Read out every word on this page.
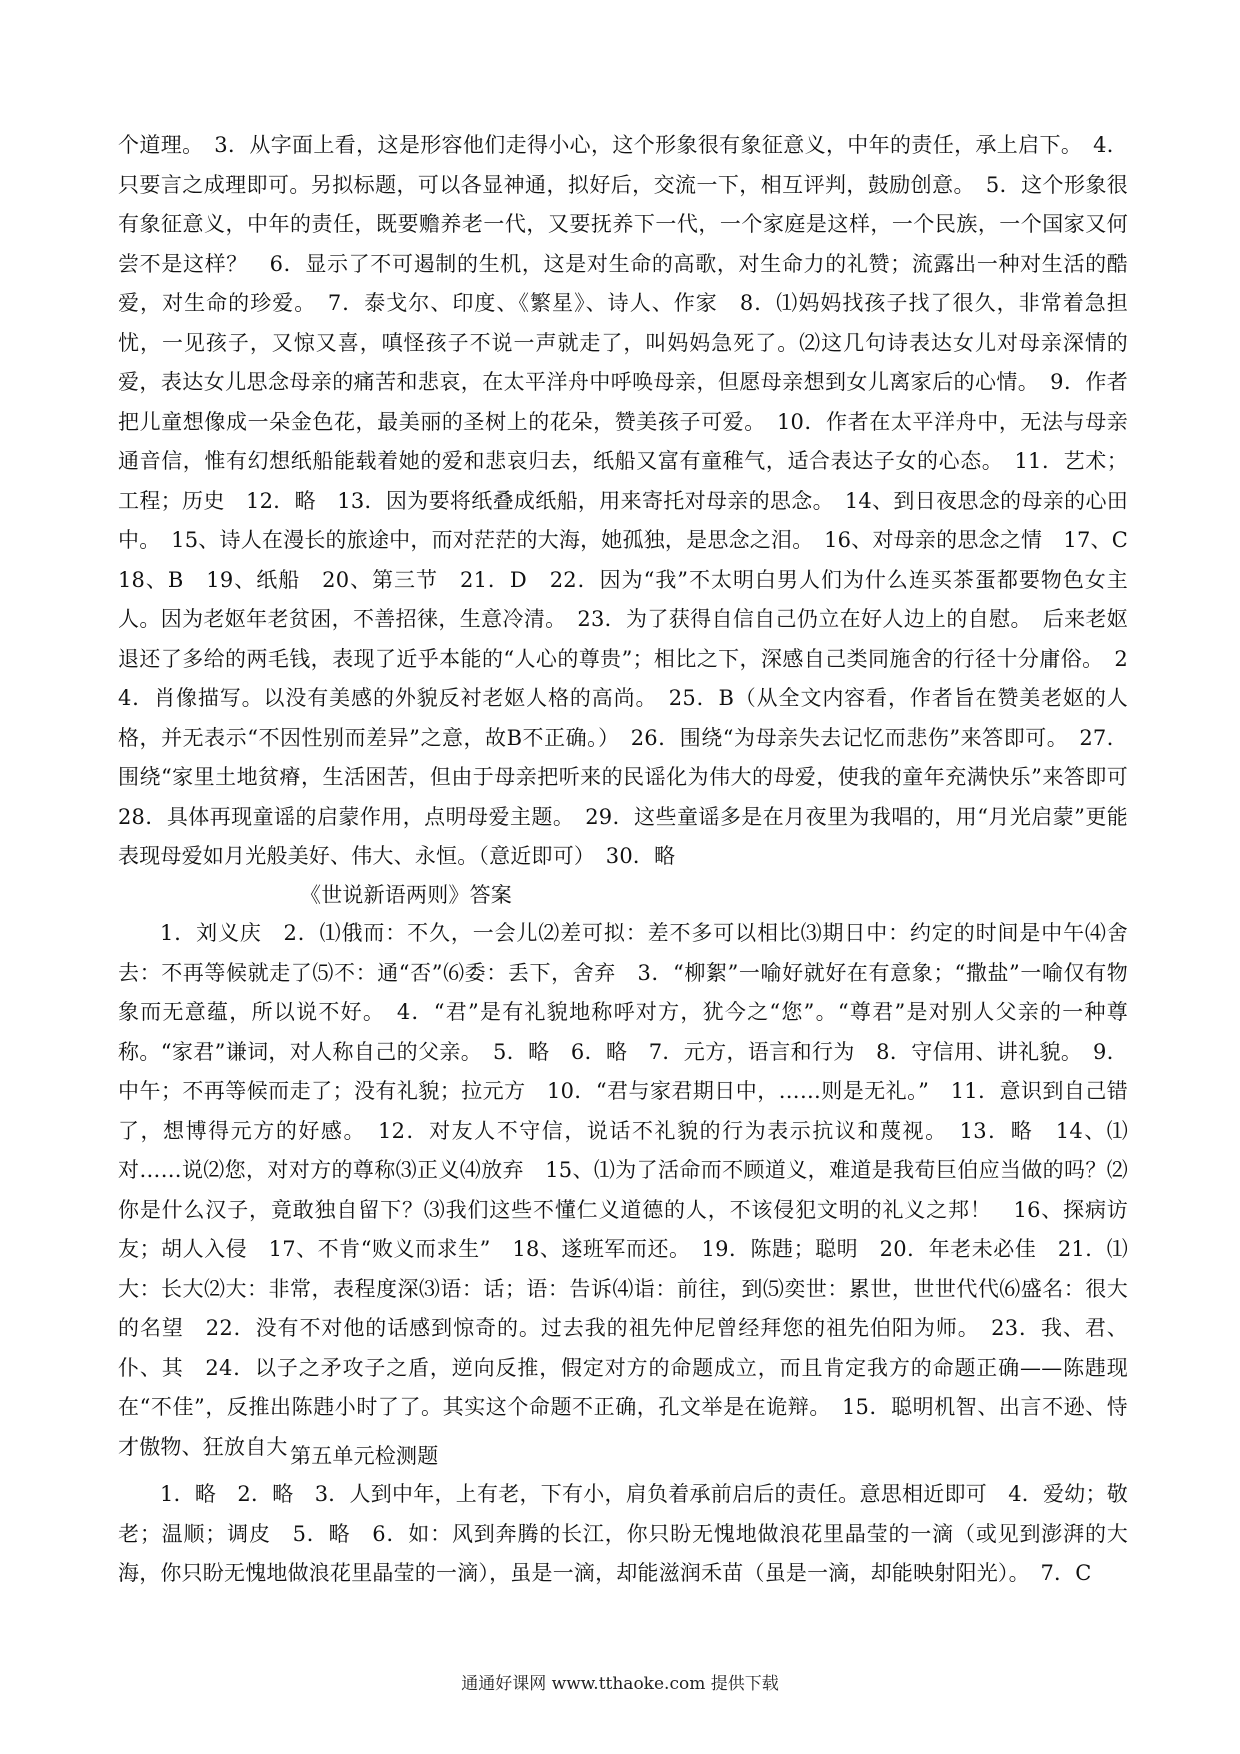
个道理。　3．从字面上看，这是形容他们走得小心，这个形象很有象征意义，中年的责任，承上启下。　4．只要言之成理即可。另拟标题，可以各显神通，拟好后，交流一下，相互评判，鼓励创意。　5．这个形象很有象征意义，中年的责任，既要赡养老一代，又要抚养下一代，一个家庭是这样，一个民族，一个国家又何尝不是这样？　6．显示了不可遏制的生机，这是对生命的高歌，对生命力的礼赞；流露出一种对生活的酷爱，对生命的珍爱。　7．泰戈尔、印度、《繁星》、诗人、作家　8．⑴妈妈找孩子找了很久，非常着急担忧，一见孩子，又惊又喜，嗔怪孩子不说一声就走了，叫妈妈急死了。⑵这几句诗表达女儿对母亲深情的爱，表达女儿思念母亲的痛苦和悲哀，在太平洋舟中呼唤母亲，但愿母亲想到女儿离家后的心情。　9．作者把儿童想像成一朵金色花，最美丽的圣树上的花朵，赞美孩子可爱。　10．作者在太平洋舟中，无法与母亲通音信，惟有幻想纸船能载着她的爱和悲哀归去，纸船又富有童稚气，适合表达子女的心态。　11．艺术；工程；历史　12．略　13．因为要将纸叠成纸船，用来寄托对母亲的思念。　14、到日夜思念的母亲的心田中。　15、诗人在漫长的旅途中，而对茫茫的大海，她孤独，是思念之泪。　16、对母亲的思念之情　17、C　18、B　19、纸船　20、第三节　21．D　22．因为“我”不太明白男人们为什么连买茶蛋都要物色女主人。因为老妪年老贫困，不善招徕，生意冷清。　23．为了获得自信自己仍立在好人边上的自慰。　后来老妪退还了多给的两毛钱，表现了近乎本能的“人心的尊贵”；相比之下，深感自己类同施舍的行径十分庸俗。　24．肖像描写。以没有美感的外貌反衬老妪人格的高尚。　25．B（从全文内容看，作者旨在赞美老妪的人格，并无表示“不因性别而差异”之意，故B不正确。）　26．围绕“为母亲失去记忆而悲伤”来答即可。　27．围绕“家里土地贫瘠，生活困苦，但由于母亲把听来的民谣化为伟大的母爱，使我的童年充满快乐”来答即可　28．具体再现童谣的启蒙作用，点明母爱主题。　29．这些童谣多是在月夜里为我唱的，用“月光启蒙”更能表现母爱如月光般美好、伟大、永恒。（意近即可）　30．略

《世说新语两则》答案

1．刘义庆　2．⑴俄而：不久，一会儿⑵差可拟：差不多可以相比⑶期日中：约定的时间是中午⑷舍去：不再等候就走了⑸不：通“否”⑹委：丢下，舍弃　3．“柳絮”一喻好就好在有意象；“撒盐”一喻仅有物象而无意蕴，所以说不好。　4．“君”是有礼貌地称呼对方，犹今之“您”。“尊君”是对别人父亲的一种尊称。“家君”谦词，对人称自己的父亲。　5．略　6．略　7．元方，语言和行为　8．守信用、讲礼貌。　9．中午；不再等候而走了；没有礼貌；拉元方　10．“君与家君期日中，……则是无礼。”　11．意识到自己错了，想博得元方的好感。　12．对友人不守信，说话不礼貌的行为表示抗议和蔑视。　13．略　14、⑴对……说⑵您，对对方的尊称⑶正义⑷放弃　15、⑴为了活命而不顾道义，难道是我荀巨伯应当做的吗？⑵你是什么汉子，竟敢独自留下？⑶我们这些不懂仁义道德的人，不该侵犯文明的礼义之邦！　16、探病访友；胡人入侵　17、不肯“败义而求生”　18、遂班军而还。　19．陈韪；聪明　20．年老未必佳　21．⑴大：长大⑵大：非常，表程度深⑶语：话；语：告诉⑷诣：前往，到⑸奕世：累世，世世代代⑹盛名：很大的名望　22．没有不对他的话感到惊奇的。过去我的祖先仲尼曾经拜您的祖先伯阳为师。　23．我、君、仆、其　24．以子之矛攻子之盾，逆向反推，假定对方的命题成立，而且肯定我方的命题正确——陈韪现在“不佳”，反推出陈韪小时了了。其实这个命题不正确，孔文举是在诡辩。　15．聪明机智、出言不逊、恃才傲物、狂放自大 第五单元检测题

1．略　2．略　3．人到中年，上有老，下有小，肩负着承前启后的责任。意思相近即可　4．爱幼；敬老；温顺；调皮　5．略　6．如：风到奔腾的长江，你只盼无愧地做浪花里晶莹的一滴（或见到澎湃的大海，你只盼无愧地做浪花里晶莹的一滴），虽是一滴，却能滋润禾苗（虽是一滴，却能映射阳光）。　7．C

通通好课网 www.tthaoke.com 提供下载
